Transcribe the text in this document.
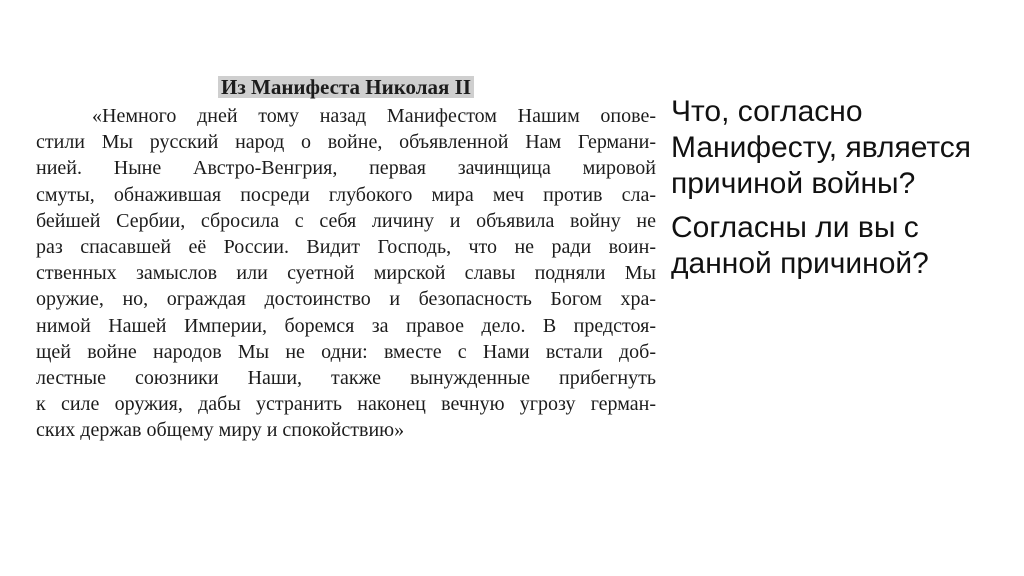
Из Манифеста Николая II
«Немного дней тому назад Манифестом Нашим опове-
стили Мы русский народ о войне, объявленной Нам Германи-
нией. Ныне Австро-Венгрия, первая зачинщица мировой
смуты, обнажившая посреди глубокого мира меч против сла-
бейшей Сербии, сбросила с себя личину и объявила войну не
раз спасавшей её России. Видит Господь, что не ради воин-
ственных замыслов или суетной мирской славы подняли Мы
оружие, но, ограждая достоинство и безопасность Богом хра-
нимой Нашей Империи, боремся за правое дело. В предстоя-
щей войне народов Мы не одни: вместе с Нами встали доб-
лестные союзники Наши, также вынужденные прибегнуть
к силе оружия, дабы устранить наконец вечную угрозу герман-
ских держав общему миру и спокойствию»

Что, согласно Манифесту, является причиной войны?

Согласны ли вы с данной причиной?
